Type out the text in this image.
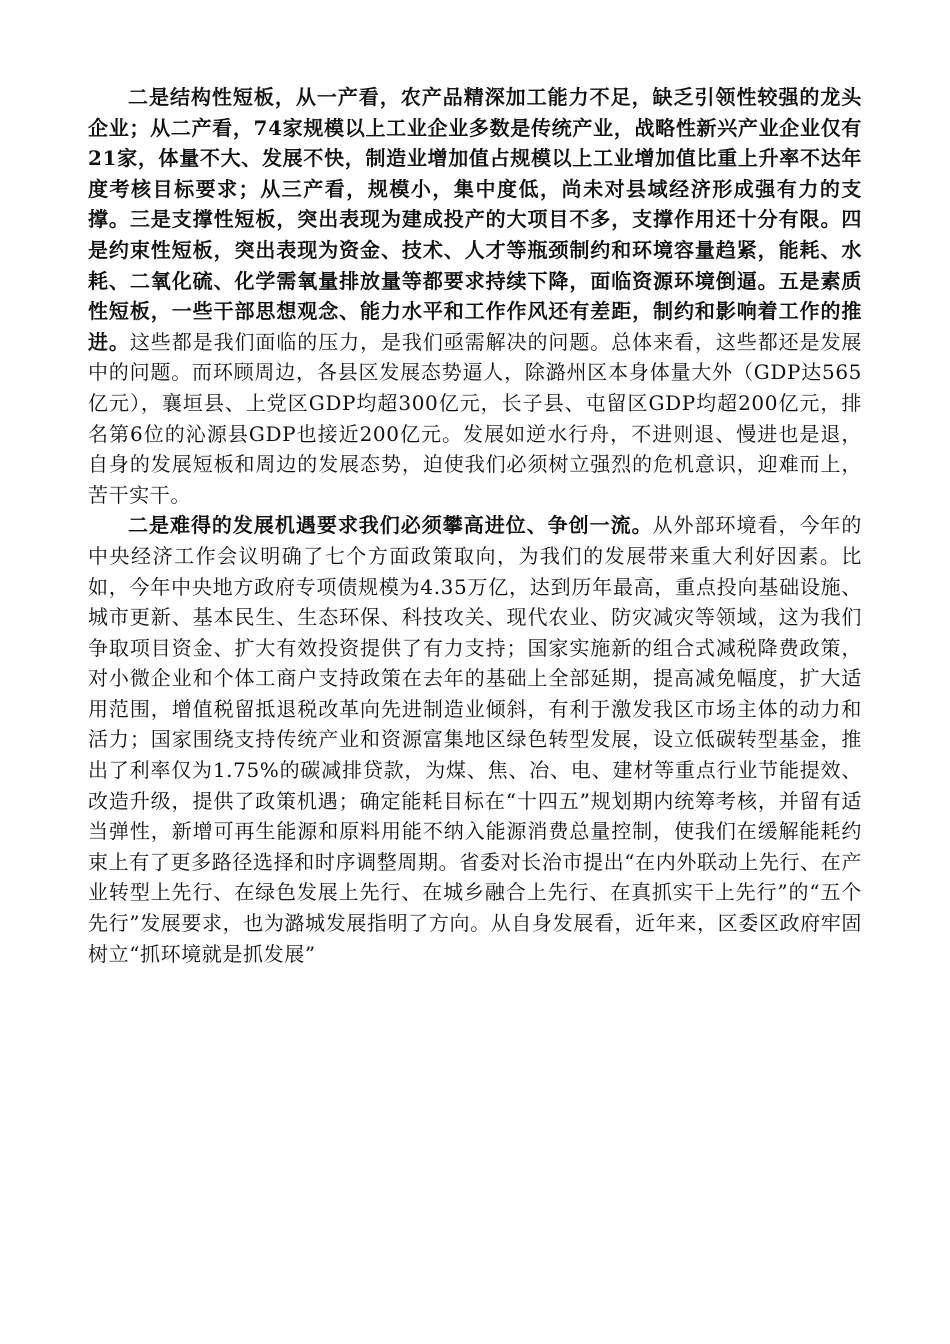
二是结构性短板，从一产看，农产品精深加工能力不足，缺乏引领性较强的龙头企业；从二产看，74家规模以上工业企业多数是传统产业，战略性新兴产业企业仅有21家，体量不大、发展不快，制造业增加值占规模以上工业增加值比重上升率不达年度考核目标要求；从三产看，规模小，集中度低，尚未对县域经济形成强有力的支撑。三是支撑性短板，突出表现为建成投产的大项目不多，支撑作用还十分有限。四是约束性短板，突出表现为资金、技术、人才等瓶颈制约和环境容量趋紧，能耗、水耗、二氧化硫、化学需氧量排放量等都要求持续下降，面临资源环境倒逼。五是素质性短板，一些干部思想观念、能力水平和工作作风还有差距，制约和影响着工作的推进。这些都是我们面临的压力，是我们亟需解决的问题。总体来看，这些都还是发展中的问题。而环顾周边，各县区发展态势逼人，除潞州区本身体量大外（GDP达565亿元），襄垣县、上党区GDP均超300亿元，长子县、屯留区GDP均超200亿元，排名第6位的沁源县GDP也接近200亿元。发展如逆水行舟，不进则退、慢进也是退，自身的发展短板和周边的发展态势，迫使我们必须树立强烈的危机意识，迎难而上，苦干实干。

二是难得的发展机遇要求我们必须攀高进位、争创一流。从外部环境看，今年的中央经济工作会议明确了七个方面政策取向，为我们的发展带来重大利好因素。比如，今年中央地方政府专项债规模为4.35万亿，达到历年最高，重点投向基础设施、城市更新、基本民生、生态环保、科技攻关、现代农业、防灾减灾等领域，这为我们争取项目资金、扩大有效投资提供了有力支持；国家实施新的组合式减税降费政策，对小微企业和个体工商户支持政策在去年的基础上全部延期，提高减免幅度，扩大适用范围，增值税留抵退税改革向先进制造业倾斜，有利于激发我区市场主体的动力和活力；国家围绕支持传统产业和资源富集地区绿色转型发展，设立低碳转型基金，推出了利率仅为1.75%的碳减排贷款，为煤、焦、冶、电、建材等重点行业节能提效、改造升级，提供了政策机遇；确定能耗目标在“十四五”规划期内统筹考核，并留有适当弹性，新增可再生能源和原料用能不纳入能源消费总量控制，使我们在缓解能耗约束上有了更多路径选择和时序调整周期。省委对长治市提出“在内外联动上先行、在产业转型上先行、在绿色发展上先行、在城乡融合上先行、在真抓实干上先行”的“五个先行”发展要求，也为潞城发展指明了方向。从自身发展看，近年来，区委区政府牢固树立“抓环境就是抓发展”
